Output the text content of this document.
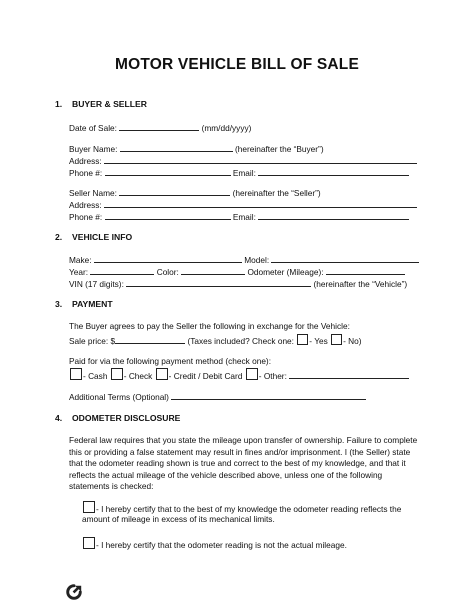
MOTOR VEHICLE BILL OF SALE
1. BUYER & SELLER
Date of Sale:	(mm/dd/yyyy)
Buyer Name:	(hereinafter the “Buyer”)
Address:
Phone #:	Email:
Seller Name:	(hereinafter the “Seller”)
Address:
Phone #:	Email:
2. VEHICLE INFO
Make:	Model:
Year:	Color:	Odometer (Mileage):
VIN (17 digits):	(hereinafter the “Vehicle”)
3. PAYMENT
The Buyer agrees to pay the Seller the following in exchange for the Vehicle:
Sale price: $	(Taxes included? Check one: - Yes - No)
Paid for via the following payment method (check one):
- Cash - Check - Credit / Debit Card - Other:
Additional Terms (Optional)
4. ODOMETER DISCLOSURE
Federal law requires that you state the mileage upon transfer of ownership. Failure to complete this or providing a false statement may result in fines and/or imprisonment. I (the Seller) state that the odometer reading shown is true and correct to the best of my knowledge, and that it reflects the actual mileage of the vehicle described above, unless one of the following statements is checked:
- I hereby certify that to the best of my knowledge the odometer reading reflects the
amount of mileage in excess of its mechanical limits.
- I hereby certify that the odometer reading is not the actual mileage.
